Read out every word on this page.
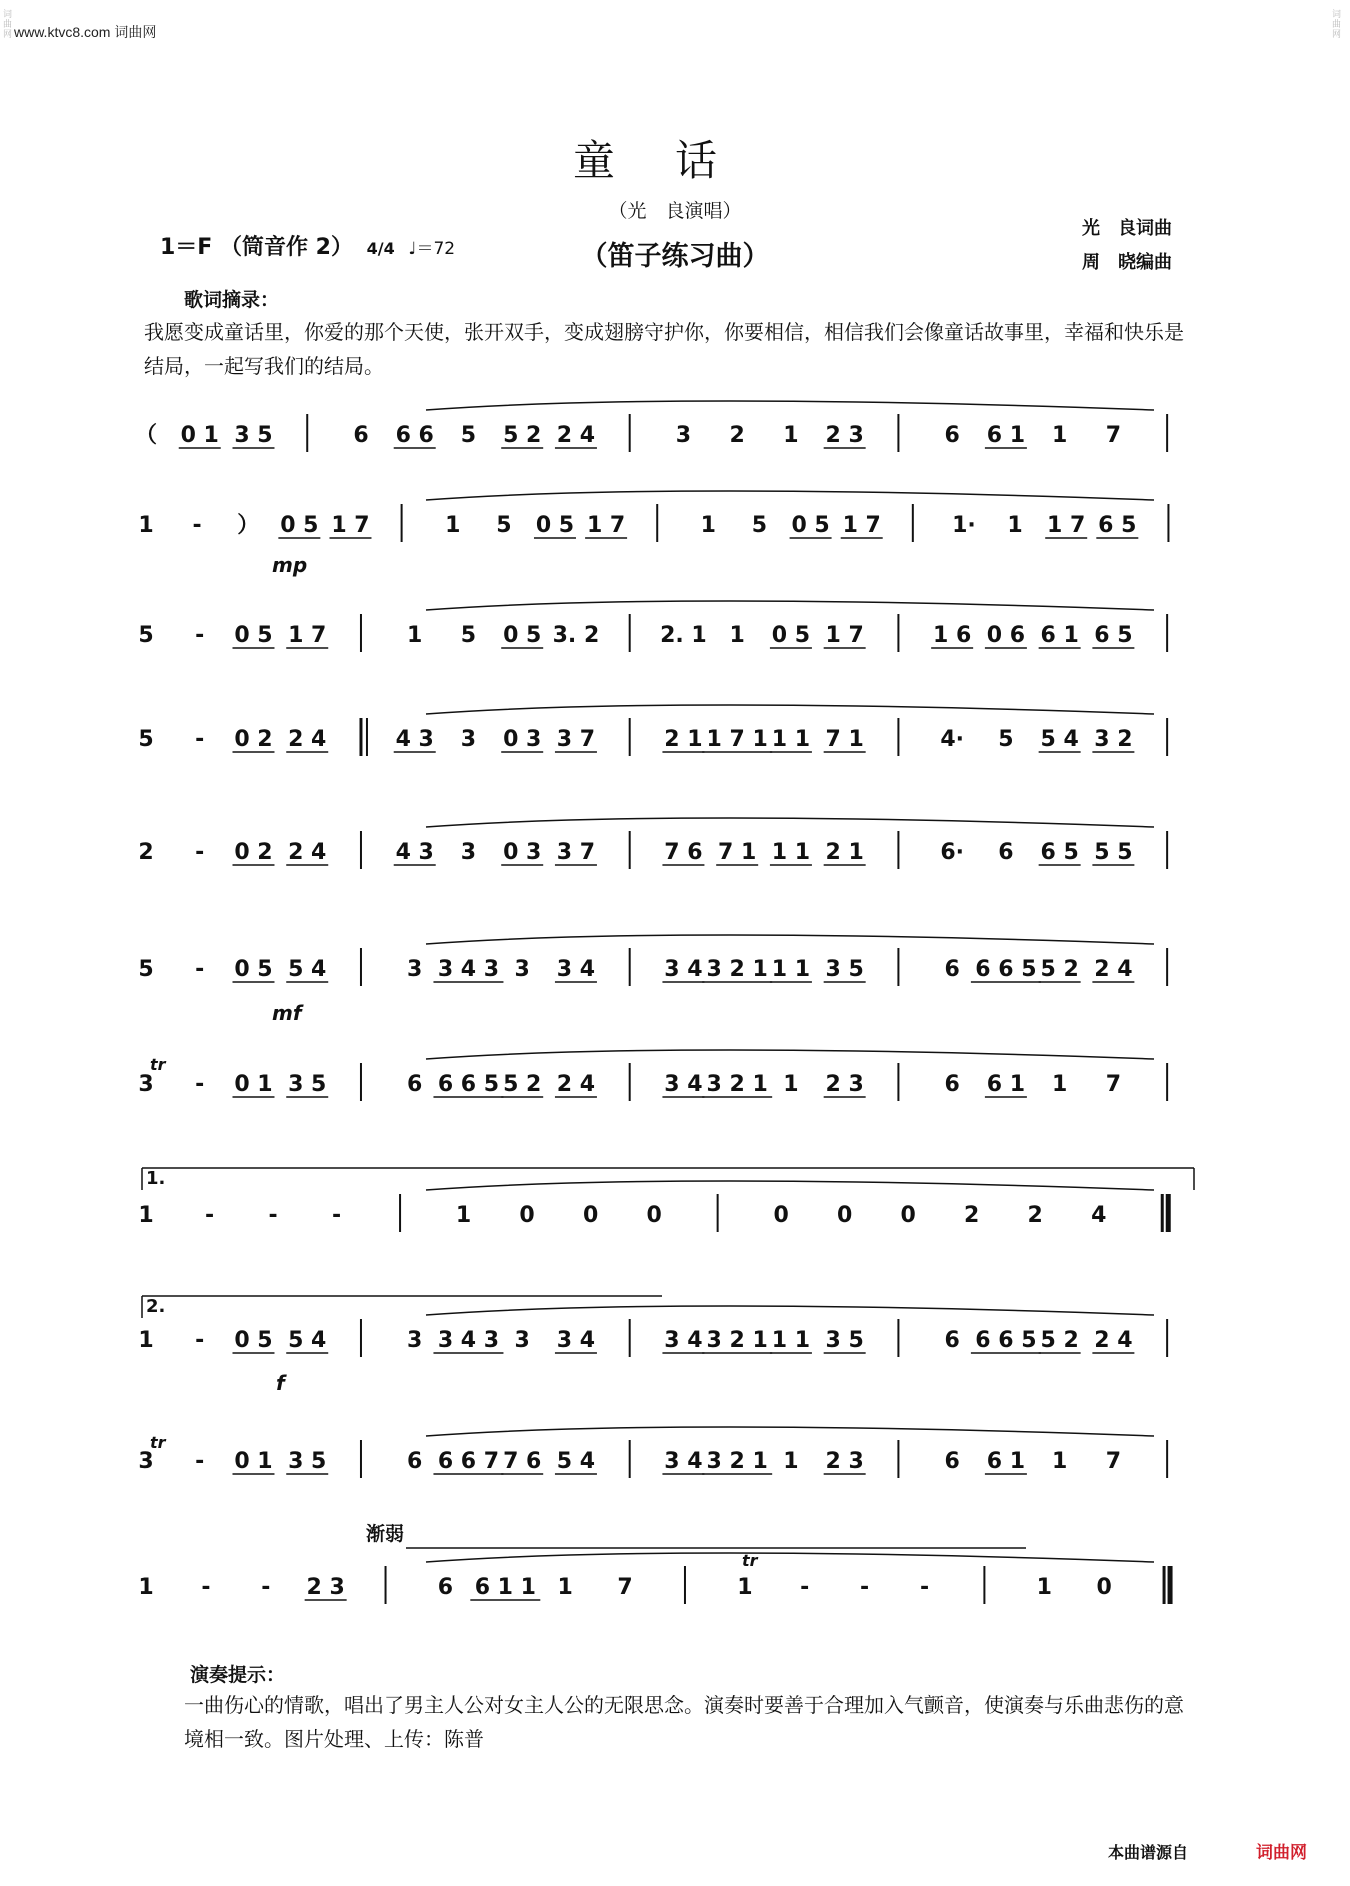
www.ktvc8.com 词曲网
词
曲
网
词
曲
网
童话
（光　良演唱）
（笛子练习曲）
1＝F （筒音作 2） 4/4 ♩＝72
光　良词曲
周　晓编曲
歌词摘录：
我愿变成童话里，你爱的那个天使，张开双手，变成翅膀守护你，你要相信，相信我们会像童话故事里，幸福和快乐是结局，一起写我们的结局。
（ 0 1 3 5	6 6 6 5 5 2 2 4	3 2 1 2 3	6 6 1 1 7
1 - ） 0 5 1 7	1 5 0 5 1 7	1 5 0 5 1 7	1· 1 1 7 6 5
5 - 0 5 1 7	1 5 0 5 3. 2	2. 1 1 0 5 1 7	1 6 0 6 6 1 6 5
5 - 0 2 2 4	4 3 3 0 3 3 7	2 1 1 7 1 1 1 7 1	4· 5 5 4 3 2
2 - 0 2 2 4	4 3 3 0 3 3 7	7 6 7 1 1 1 2 1	6· 6 6 5 5 5
5 - 0 5 5 4	3 3 4 3 3 3 4	3 4 3 2 1 1 1 3 5	6 6 6 5 5 2 2 4
3 - 0 1 3 5	6 6 6 5 5 2 2 4	3 4 3 2 1 1 2 3	6 6 1 1 7
1 - - -	1 0 0 0	0 0 0 2 2 4
1 - 0 5 5 4	3 3 4 3 3 3 4	3 4 3 2 1 1 1 3 5	6 6 6 5 5 2 2 4
3 - 0 1 3 5	6 6 6 7 7 6 5 4	3 4 3 2 1 1 2 3	6 6 1 1 7
1 - - 2 3	6 6 1 1 1 7	1 - - -	1 0
mp
mf
f
tr
tr
tr
1.
2.
渐弱
演奏提示：
一曲伤心的情歌，唱出了男主人公对女主人公的无限思念。演奏时要善于合理加入气颤音，使演奏与乐曲悲伤的意境相一致。图片处理、上传：陈普
本曲谱源自	词曲网
